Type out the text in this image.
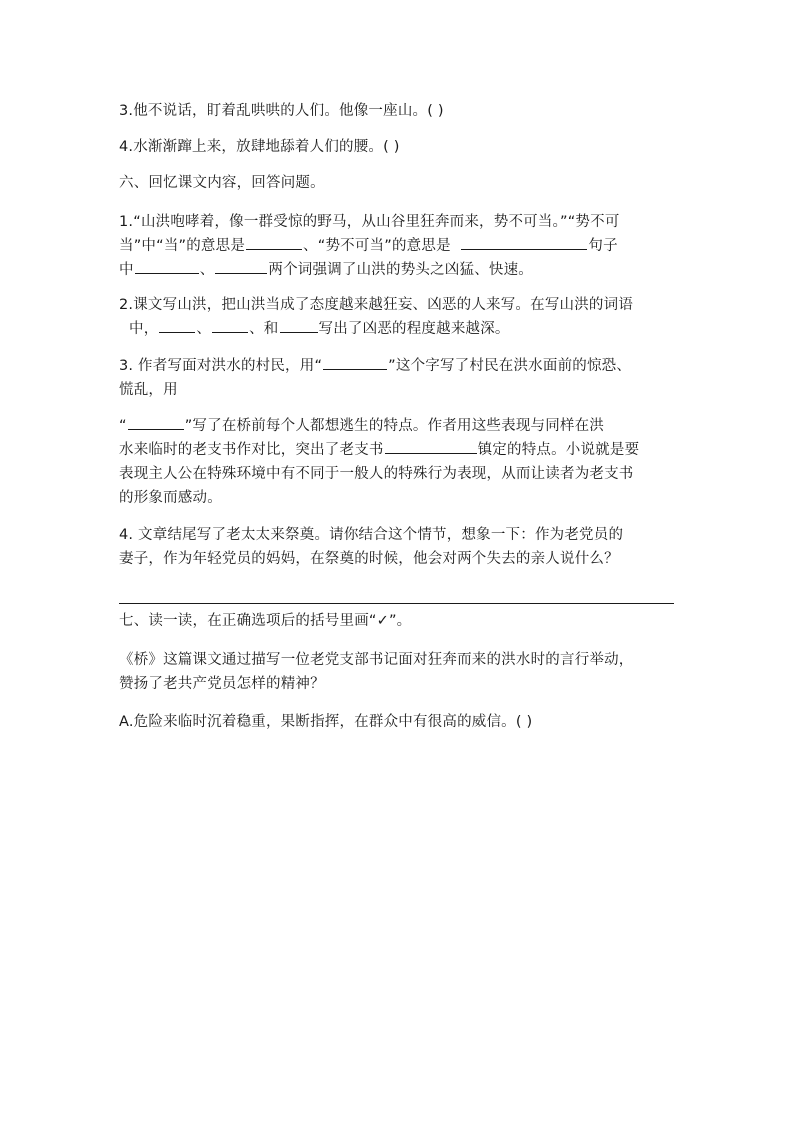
3.他不说话，盯着乱哄哄的人们。他像一座山。( )

4.水渐渐蹿上来，放肆地舔着人们的腰。( )

六、回忆课文内容，回答问题。

1.“山洪咆哮着，像一群受惊的野马，从山谷里狂奔而来，势不可当。”“势不可
当”中“当”的意思是	、“势不可当”的意思是	句子
中	、	两个词强调了山洪的势头之凶猛、快速。

2.课文写山洪，把山洪当成了态度越来越狂妄、凶恶的人来写。在写山洪的词语
中，	、	、和	写出了凶恶的程度越来越深。

3. 作者写面对洪水的村民，用“	”这个字写了村民在洪水面前的惊恐、
慌乱，用

“	”写了在桥前每个人都想逃生的特点。作者用这些表现与同样在洪
水来临时的老支书作对比，突出了老支书	镇定的特点。小说就是要
表现主人公在特殊环境中有不同于一般人的特殊行为表现，从而让读者为老支书
的形象而感动。

4. 文章结尾写了老太太来祭奠。请你结合这个情节，想象一下：作为老党员的
妻子，作为年轻党员的妈妈，在祭奠的时候，他会对两个失去的亲人说什么？

七、读一读，在正确选项后的括号里画“✓”。

《桥》这篇课文通过描写一位老党支部书记面对狂奔而来的洪水时的言行举动，
赞扬了老共产党员怎样的精神？

A.危险来临时沉着稳重，果断指挥，在群众中有很高的威信。( )
